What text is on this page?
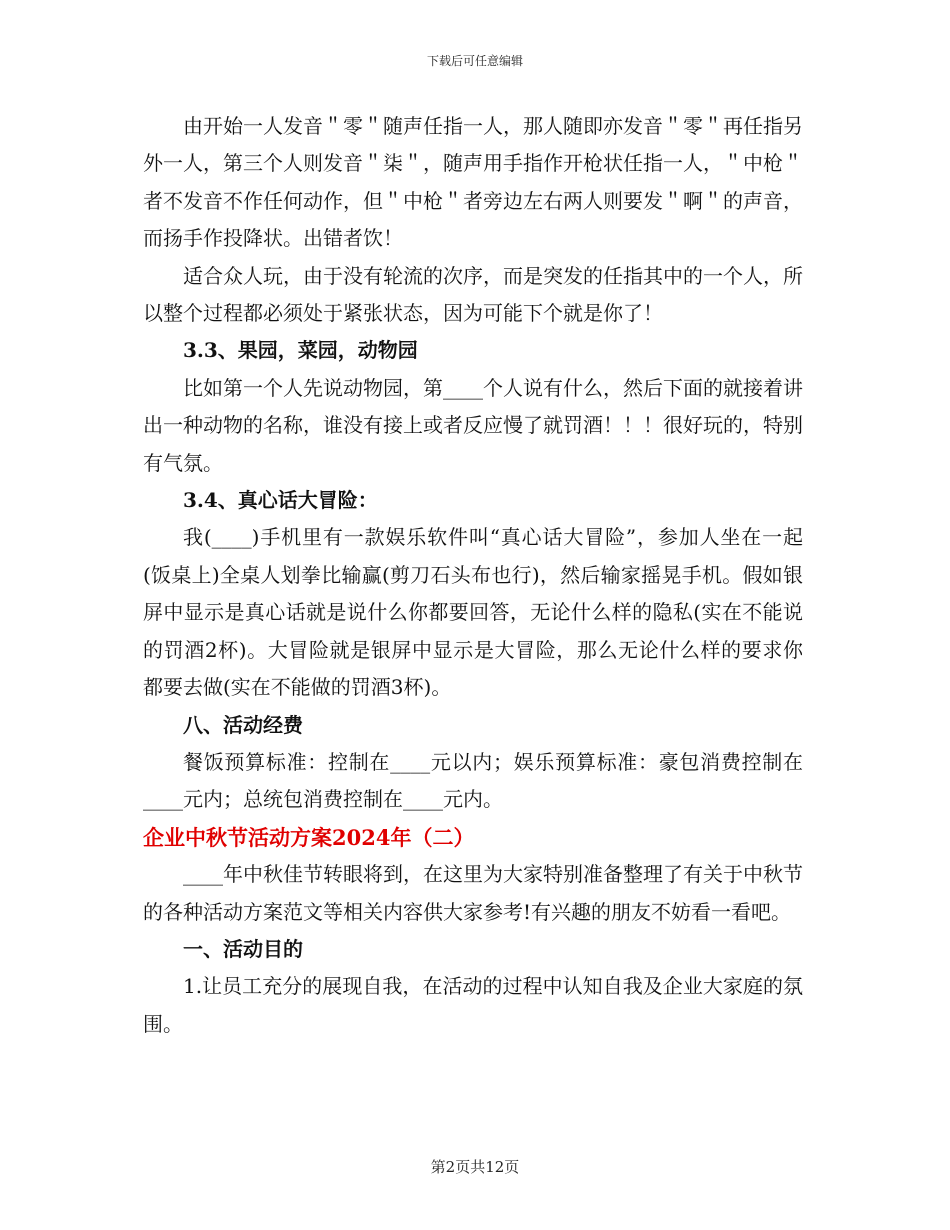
下载后可任意编辑

由开始一人发音＂零＂随声任指一人，那人随即亦发音＂零＂再任指另外一人，第三个人则发音＂柒＂，随声用手指作开枪状任指一人，＂中枪＂者不发音不作任何动作，但＂中枪＂者旁边左右两人则要发＂啊＂的声音，而扬手作投降状。出错者饮！

适合众人玩，由于没有轮流的次序，而是突发的任指其中的一个人，所以整个过程都必须处于紧张状态，因为可能下个就是你了！

3.3、果园，菜园，动物园

比如第一个人先说动物园，第____个人说有什么，然后下面的就接着讲出一种动物的名称，谁没有接上或者反应慢了就罚酒！！！很好玩的，特别有气氛。

3.4、真心话大冒险：

我(____)手机里有一款娱乐软件叫“真心话大冒险”，参加人坐在一起(饭桌上)全桌人划拳比输赢(剪刀石头布也行)，然后输家摇晃手机。假如银屏中显示是真心话就是说什么你都要回答，无论什么样的隐私(实在不能说的罚酒2杯)。大冒险就是银屏中显示是大冒险，那么无论什么样的要求你都要去做(实在不能做的罚酒3杯)。

八、活动经费

餐饭预算标准：控制在____元以内；娱乐预算标准：豪包消费控制在____元内；总统包消费控制在____元内。

企业中秋节活动方案2024年（二）

____年中秋佳节转眼将到，在这里为大家特别准备整理了有关于中秋节的各种活动方案范文等相关内容供大家参考!有兴趣的朋友不妨看一看吧。

一、活动目的

1.让员工充分的展现自我，在活动的过程中认知自我及企业大家庭的氛围。

第2页共12页
